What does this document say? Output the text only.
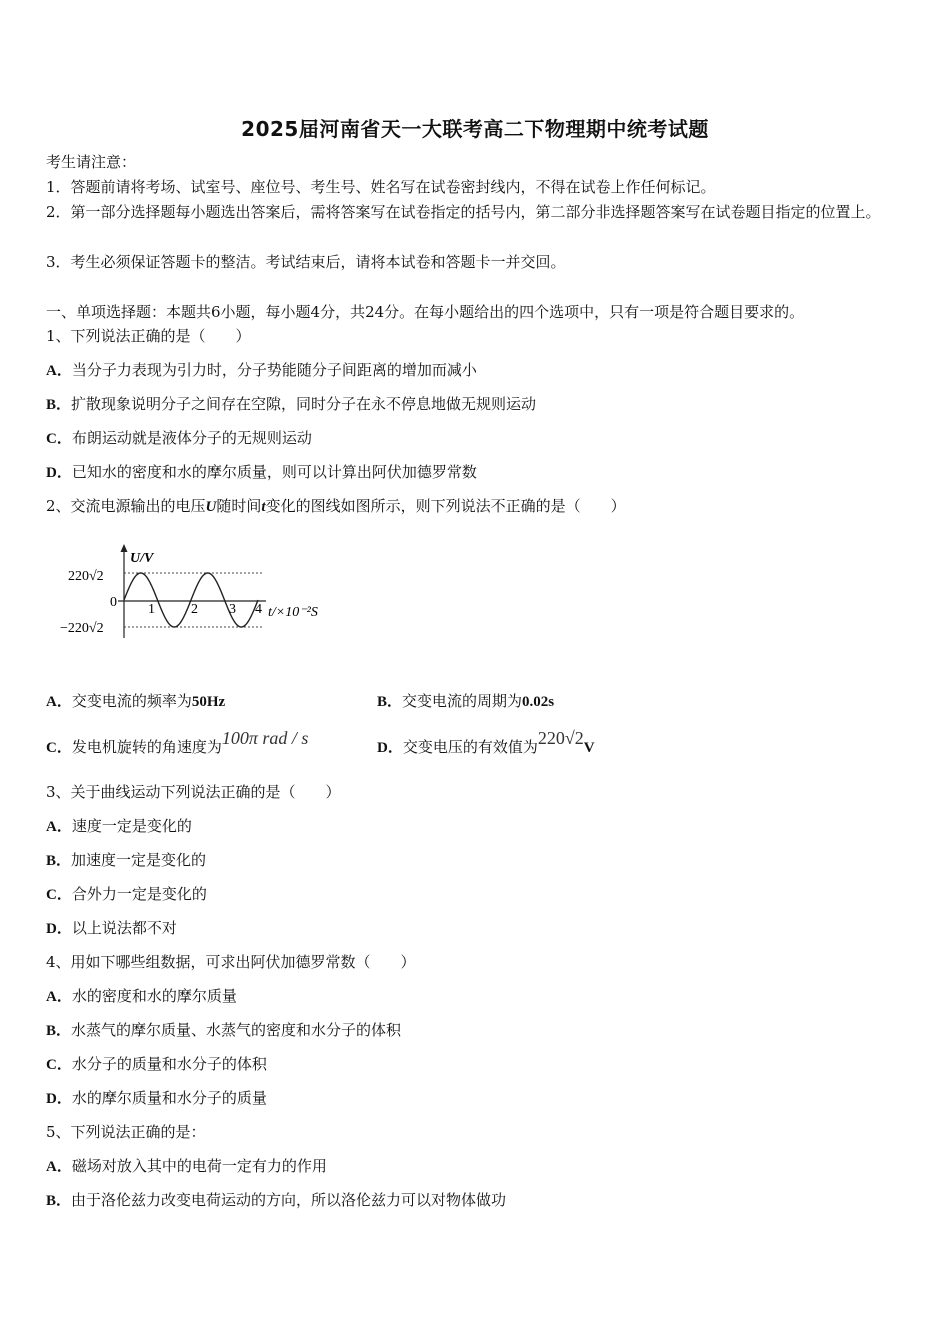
2025届河南省天一大联考高二下物理期中统考试题
考生请注意：
1．答题前请将考场、试室号、座位号、考生号、姓名写在试卷密封线内，不得在试卷上作任何标记。
2．第一部分选择题每小题选出答案后，需将答案写在试卷指定的括号内，第二部分非选择题答案写在试卷题目指定的位置上。
3．考生必须保证答题卡的整洁。考试结束后，请将本试卷和答题卡一并交回。
一、单项选择题：本题共6小题，每小题4分，共24分。在每小题给出的四个选项中，只有一项是符合题目要求的。
1、下列说法正确的是（　　）
A．当分子力表现为引力时，分子势能随分子间距离的增加而减小
B．扩散现象说明分子之间存在空隙，同时分子在永不停息地做无规则运动
C．布朗运动就是液体分子的无规则运动
D．已知水的密度和水的摩尔质量，则可以计算出阿伏加德罗常数
2、交流电源输出的电压U随时间t变化的图线如图所示，则下列说法不正确的是（　　）
U/V
220√2
0
−220√2
1	2 3 4 t/×10⁻²S
A．交变电流的频率为50Hz	B．交变电流的周期为0.02s
C．发电机旋转的角速度为100π rad / s	D．交变电压的有效值为220√2V
3、关于曲线运动下列说法正确的是（　　）
A．速度一定是变化的
B．加速度一定是变化的
C．合外力一定是变化的
D．以上说法都不对
4、用如下哪些组数据，可求出阿伏加德罗常数（　　）
A．水的密度和水的摩尔质量
B．水蒸气的摩尔质量、水蒸气的密度和水分子的体积
C．水分子的质量和水分子的体积
D．水的摩尔质量和水分子的质量
5、下列说法正确的是：
A．磁场对放入其中的电荷一定有力的作用
B．由于洛伦兹力改变电荷运动的方向，所以洛伦兹力可以对物体做功
